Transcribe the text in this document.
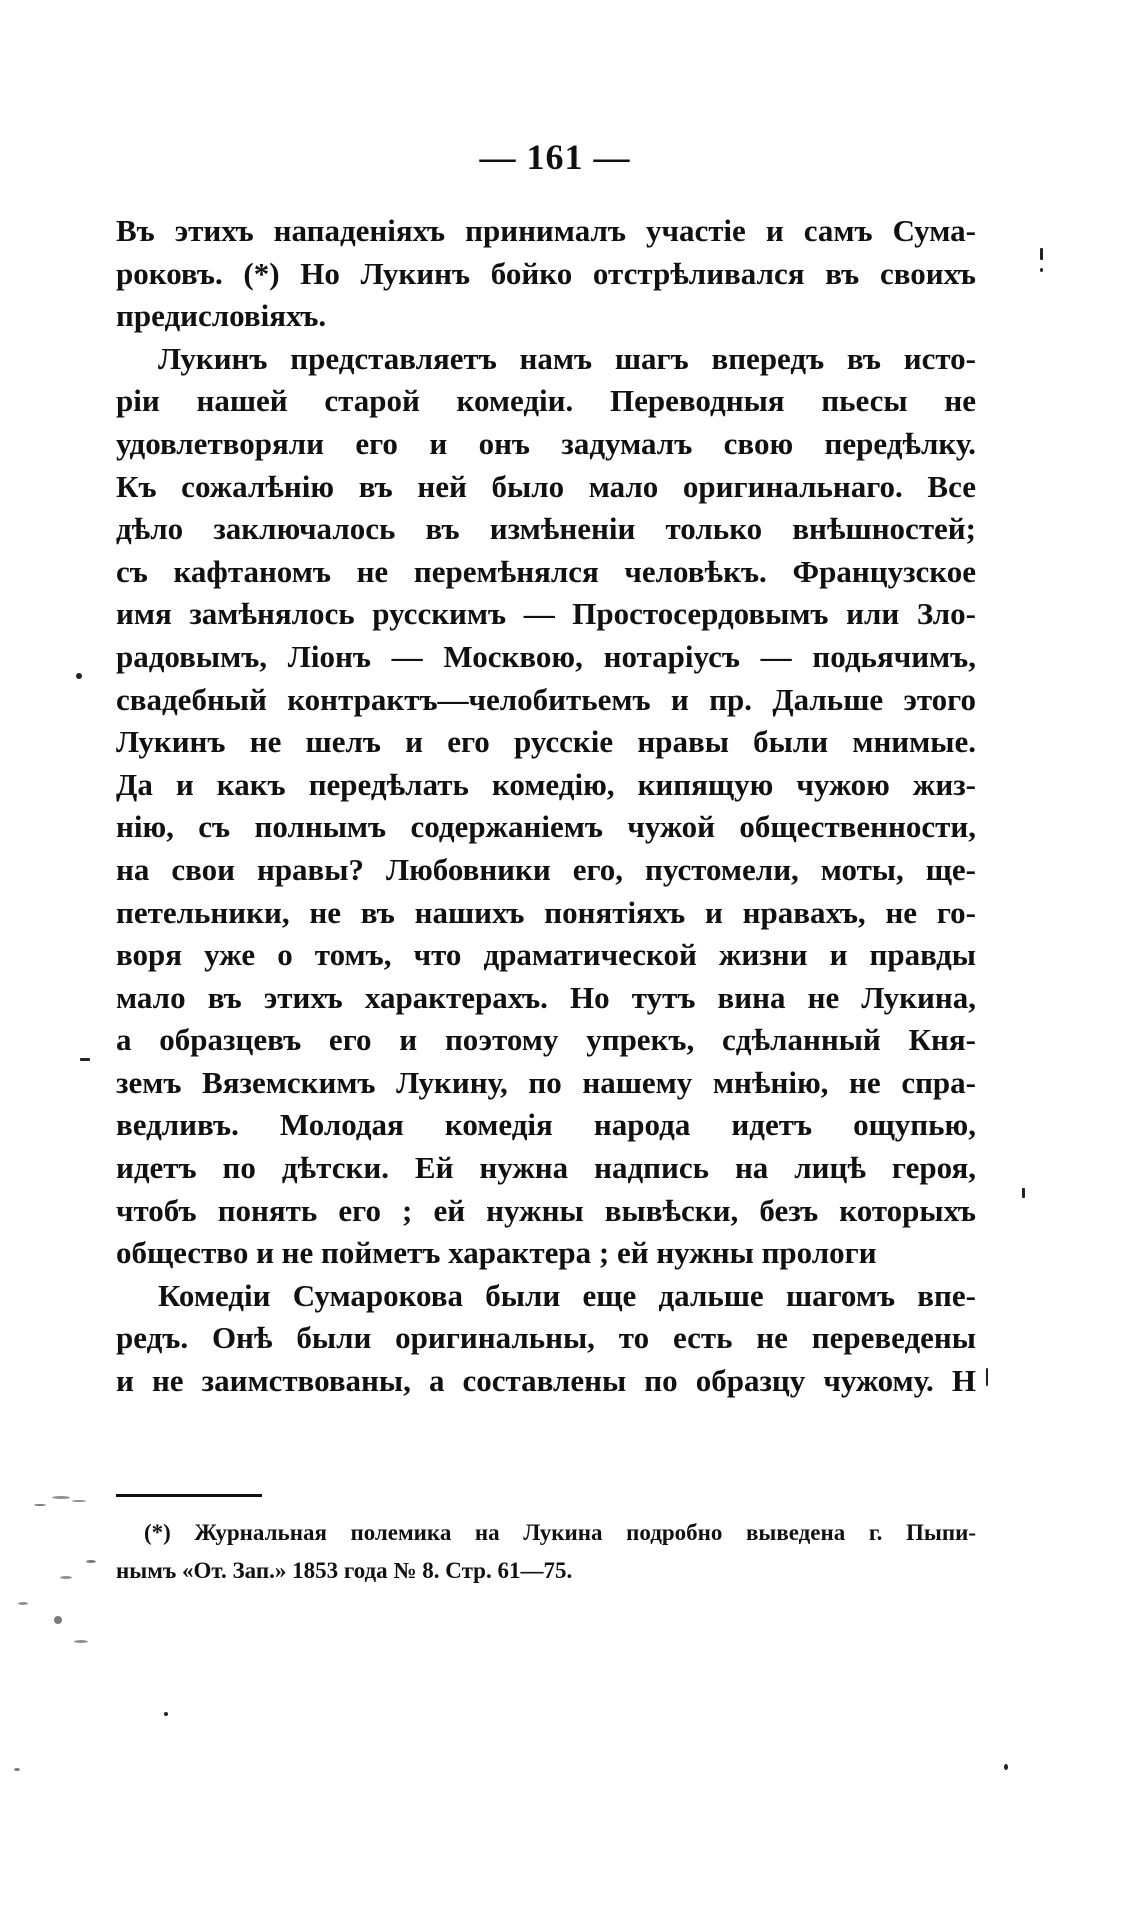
— 161 —
Въ этихъ нападенiяхъ принималъ участiе и самъ Сума-
роковъ. (*) Но Лукинъ бойко отстрѣливался въ своихъ
предисловiяхъ.
Лукинъ представляетъ намъ шагъ впередъ въ исто-
рiи нашей старой комедiи. Переводныя пьесы не
удовлетворяли его и онъ задумалъ свою передѣлку.
Къ сожалѣнiю въ ней было мало оригинальнаго. Все
дѣло заключалось въ измѣненiи только внѣшностей;
съ кафтаномъ не перемѣнялся человѣкъ. Французское
имя замѣнялось русскимъ — Простосердовымъ или Зло-
радовымъ, Лiонъ — Москвою, нотарiусъ — подьячимъ,
свадебный контрактъ—челобитьемъ и пр. Дальше этого
Лукинъ не шелъ и его русскiе нравы были мнимые.
Да и какъ передѣлать комедiю, кипящую чужою жиз-
нiю, съ полнымъ содержанiемъ чужой общественности,
на свои нравы? Любовники его, пустомели, моты, ще-
петельники, не въ нашихъ понятiяхъ и нравахъ, не го-
воря уже о томъ, что драматической жизни и правды
мало въ этихъ характерахъ. Но тутъ вина не Лукина,
а образцевъ его и поэтому упрекъ, сдѣланный Кня-
земъ Вяземскимъ Лукину, по нашему мнѣнiю, не спра-
ведливъ. Молодая комедiя народа идетъ ощупью,
идетъ по дѣтски. Ей нужна надпись на лицѣ героя,
чтобъ понять его ; ей нужны вывѣски, безъ которыхъ
общество и не пойметъ характера ; ей нужны прологи
Комедiи Сумарокова были еще дальше шагомъ впе-
редъ. Онѣ были оригинальны, то есть не переведены
и не заимствованы, а составлены по образцу чужому. Н
(*) Журнальная полемика на Лукина подробно выведена г. Пыпи-
нымъ «От. Зап.» 1853 года № 8. Стр. 61—75.
